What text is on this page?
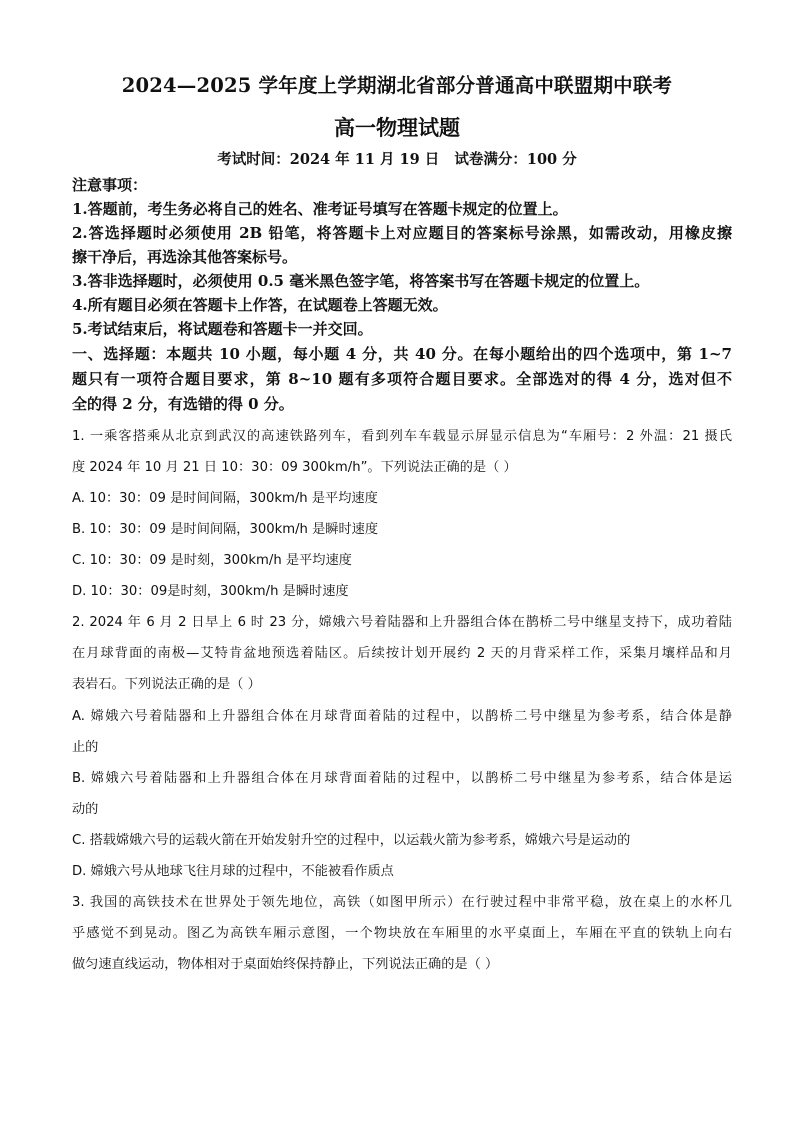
2024—2025 学年度上学期湖北省部分普通高中联盟期中联考
高一物理试题
考试时间：2024 年 11 月 19 日   试卷满分：100 分
注意事项：
1.答题前，考生务必将自己的姓名、准考证号填写在答题卡规定的位置上。
2.答选择题时必须使用 2B 铅笔，将答题卡上对应题目的答案标号涂黑，如需改动，用橡皮擦
擦干净后，再选涂其他答案标号。
3.答非选择题时，必须使用 0.5 毫米黑色签字笔，将答案书写在答题卡规定的位置上。
4.所有题目必须在答题卡上作答，在试题卷上答题无效。
5.考试结束后，将试题卷和答题卡一并交回。
一、选择题：本题共 10 小题，每小题 4 分，共 40 分。在每小题给出的四个选项中，第 1~7
题只有一项符合题目要求，第 8~10 题有多项符合题目要求。全部选对的得 4 分，选对但不
全的得 2 分，有选错的得 0 分。
1. 一乘客搭乘从北京到武汉的高速铁路列车，看到列车车载显示屏显示信息为“车厢号：2 外温：21 摄氏
度 2024 年 10 月 21 日 10：30：09 300km/h”。下列说法正确的是（ ）
A. 10：30：09 是时间间隔，300km/h 是平均速度
B. 10：30：09 是时间间隔，300km/h 是瞬时速度
C. 10：30：09 是时刻，300km/h 是平均速度
D. 10：30：09是时刻，300km/h 是瞬时速度
2. 2024 年 6 月 2 日早上 6 时 23 分，嫦娥六号着陆器和上升器组合体在鹊桥二号中继星支持下，成功着陆
在月球背面的南极—艾特肯盆地预选着陆区。后续按计划开展约 2 天的月背采样工作，采集月壤样品和月
表岩石。下列说法正确的是（ ）
A. 嫦娥六号着陆器和上升器组合体在月球背面着陆的过程中，以鹊桥二号中继星为参考系，结合体是静
止的
B. 嫦娥六号着陆器和上升器组合体在月球背面着陆的过程中，以鹊桥二号中继星为参考系，结合体是运
动的
C. 搭载嫦娥六号的运载火箭在开始发射升空的过程中，以运载火箭为参考系，嫦娥六号是运动的
D. 嫦娥六号从地球飞往月球的过程中，不能被看作质点
3. 我国的高铁技术在世界处于领先地位，高铁（如图甲所示）在行驶过程中非常平稳，放在桌上的水杯几
乎感觉不到晃动。图乙为高铁车厢示意图，一个物块放在车厢里的水平桌面上，车厢在平直的铁轨上向右
做匀速直线运动，物体相对于桌面始终保持静止，下列说法正确的是（ ）
